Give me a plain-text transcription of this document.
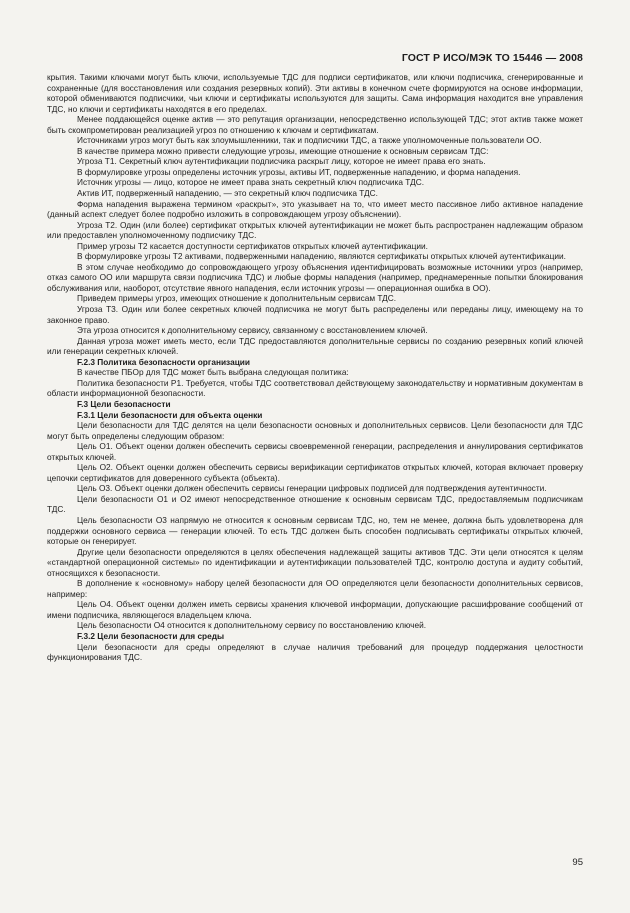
ГОСТ Р ИСО/МЭК ТО 15446 — 2008

крытия. Такими ключами могут быть ключи, используемые ТДС для подписи сертификатов, или ключи подписчика, сгенерированные и сохраненные (для восстановления или создания резервных копий). Эти активы в конечном счете формируются на основе информации, которой обмениваются подписчики, чьи ключи и сертификаты используются для защиты. Сама информация находится вне управления ТДС, но ключи и сертификаты находятся в его пределах.

Менее поддающейся оценке актив — это репутация организации, непосредственно использующей ТДС; этот актив также может быть скомпрометирован реализацией угроз по отношению к ключам и сертификатам.

Источниками угроз могут быть как злоумышленники, так и подписчики ТДС, а также уполномоченные пользователи ОО.

В качестве примера можно привести следующие угрозы, имеющие отношение к основным сервисам ТДС:

Угроза Т1. Секретный ключ аутентификации подписчика раскрыт лицу, которое не имеет права его знать.

В формулировке угрозы определены источник угрозы, активы ИТ, подверженные нападению, и форма нападения.

Источник угрозы — лицо, которое не имеет права знать секретный ключ подписчика ТДС.

Актив ИТ, подверженный нападению, — это секретный ключ подписчика ТДС.

Форма нападения выражена термином «раскрыт», это указывает на то, что имеет место пассивное либо активное нападение (данный аспект следует более подробно изложить в сопровождающем угрозу объяснении).

Угроза Т2. Один (или более) сертификат открытых ключей аутентификации не может быть распространен надлежащим образом или предоставлен уполномоченному подписчику ТДС.

Пример угрозы Т2 касается доступности сертификатов открытых ключей аутентификации.

В формулировке угрозы Т2 активами, подверженными нападению, являются сертификаты открытых ключей аутентификации.

В этом случае необходимо до сопровождающего угрозу объяснения идентифицировать возможные источники угроз (например, отказ самого ОО или маршрута связи подписчика ТДС) и любые формы нападения (например, преднамеренные попытки блокирования обслуживания или, наоборот, отсутствие явного нападения, если источник угрозы — операционная ошибка в ОО).

Приведем примеры угроз, имеющих отношение к дополнительным сервисам ТДС.

Угроза Т3. Один или более секретных ключей подписчика не могут быть распределены или переданы лицу, имеющему на то законное право.

Эта угроза относится к дополнительному сервису, связанному с восстановлением ключей.

Данная угроза может иметь место, если ТДС предоставляются дополнительные сервисы по созданию резервных копий ключей или генерации секретных ключей.

F.2.3 Политика безопасности организации

В качестве ПБОр для ТДС может быть выбрана следующая политика:

Политика безопасности Р1. Требуется, чтобы ТДС соответствовал действующему законодательству и нормативным документам в области информационной безопасности.

F.3 Цели безопасности

F.3.1 Цели безопасности для объекта оценки

Цели безопасности для ТДС делятся на цели безопасности основных и дополнительных сервисов. Цели безопасности для ТДС могут быть определены следующим образом:

Цель О1. Объект оценки должен обеспечить сервисы своевременной генерации, распределения и аннулирования сертификатов открытых ключей.

Цель О2. Объект оценки должен обеспечить сервисы верификации сертификатов открытых ключей, которая включает проверку цепочки сертификатов для доверенного субъекта (объекта).

Цель О3. Объект оценки должен обеспечить сервисы генерации цифровых подписей для подтверждения аутентичности.

Цели безопасности О1 и О2 имеют непосредственное отношение к основным сервисам ТДС, предоставляемым подписчикам ТДС.

Цель безопасности О3 напрямую не относится к основным сервисам ТДС, но, тем не менее, должна быть удовлетворена для поддержки основного сервиса — генерации ключей. То есть ТДС должен быть способен подписывать сертификаты открытых ключей, которые он генерирует.

Другие цели безопасности определяются в целях обеспечения надлежащей защиты активов ТДС. Эти цели относятся к целям «стандартной операционной системы» по идентификации и аутентификации пользователей ТДС, контролю доступа и аудиту событий, относящихся к безопасности.

В дополнение к «основному» набору целей безопасности для ОО определяются цели безопасности дополнительных сервисов, например:

Цель О4. Объект оценки должен иметь сервисы хранения ключевой информации, допускающие расшифрование сообщений от имени подписчика, являющегося владельцем ключа.

Цель безопасности О4 относится к дополнительному сервису по восстановлению ключей.

F.3.2 Цели безопасности для среды

Цели безопасности для среды определяют в случае наличия требований для процедур поддержания целостности функционирования ТДС.

95
